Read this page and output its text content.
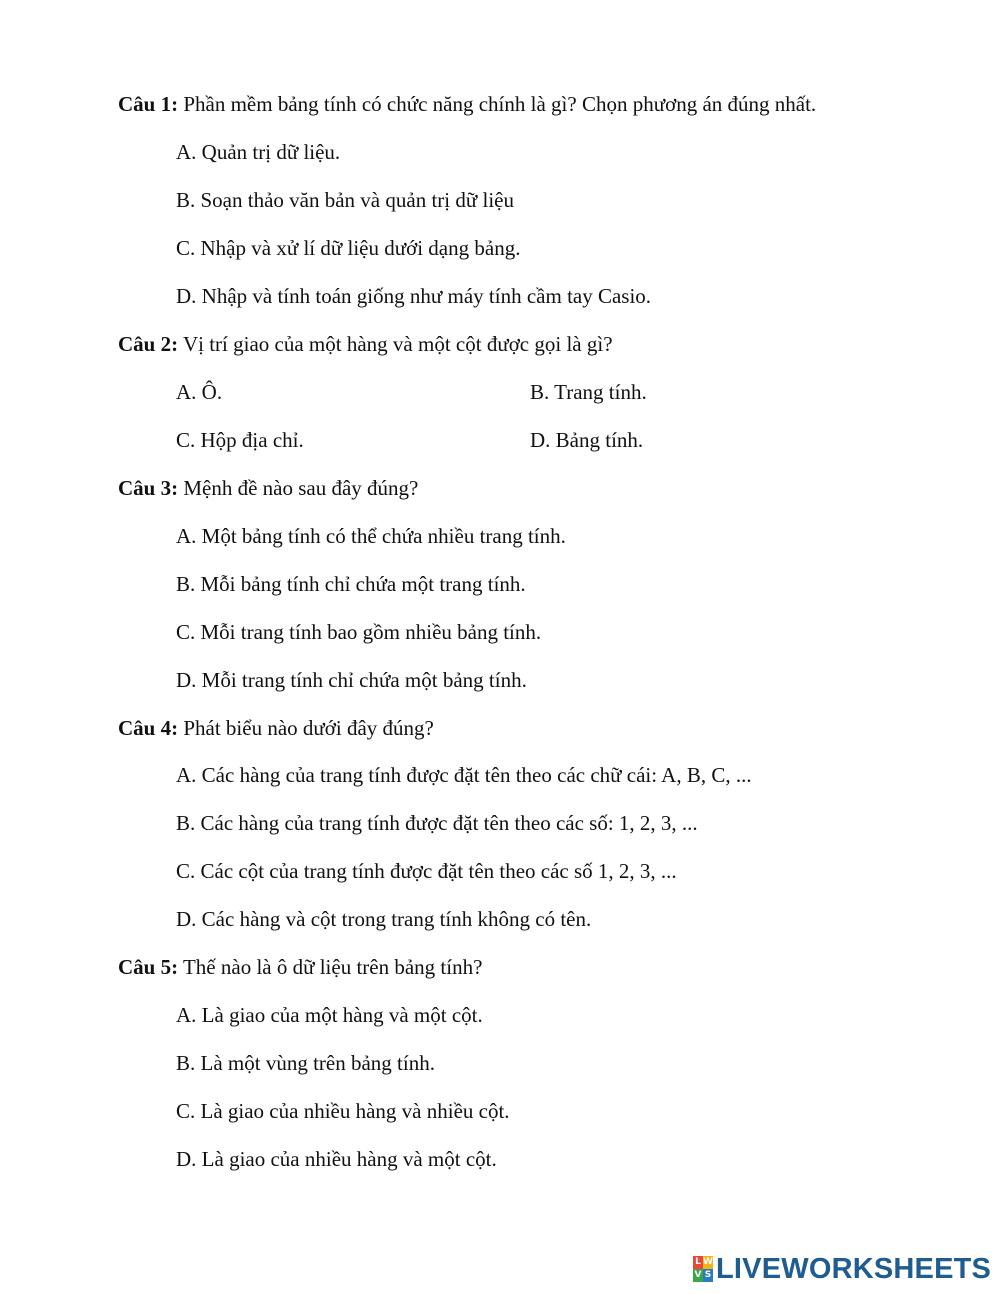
Câu 1: Phần mềm bảng tính có chức năng chính là gì? Chọn phương án đúng nhất.
A. Quản trị dữ liệu.
B. Soạn thảo văn bản và quản trị dữ liệu
C. Nhập và xử lí dữ liệu dưới dạng bảng.
D. Nhập và tính toán giống như máy tính cầm tay Casio.
Câu 2: Vị trí giao của một hàng và một cột được gọi là gì?
A. Ô.	B. Trang tính.
C. Hộp địa chỉ.	D. Bảng tính.
Câu 3: Mệnh đề nào sau đây đúng?
A. Một bảng tính có thể chứa nhiều trang tính.
B. Mỗi bảng tính chỉ chứa một trang tính.
C. Mỗi trang tính bao gồm nhiều bảng tính.
D. Mỗi trang tính chỉ chứa một bảng tính.
Câu 4: Phát biểu nào dưới đây đúng?
A. Các hàng của trang tính được đặt tên theo các chữ cái: A, B, C, ...
B. Các hàng của trang tính được đặt tên theo các số: 1, 2, 3, ...
C. Các cột của trang tính được đặt tên theo các số 1, 2, 3, ...
D. Các hàng và cột trong trang tính không có tên.
Câu 5: Thế nào là ô dữ liệu trên bảng tính?
A. Là giao của một hàng và một cột.
B. Là một vùng trên bảng tính.
C. Là giao của nhiều hàng và nhiều cột.
D. Là giao của nhiều hàng và một cột.
L W
V S LIVEWORKSHEETS
